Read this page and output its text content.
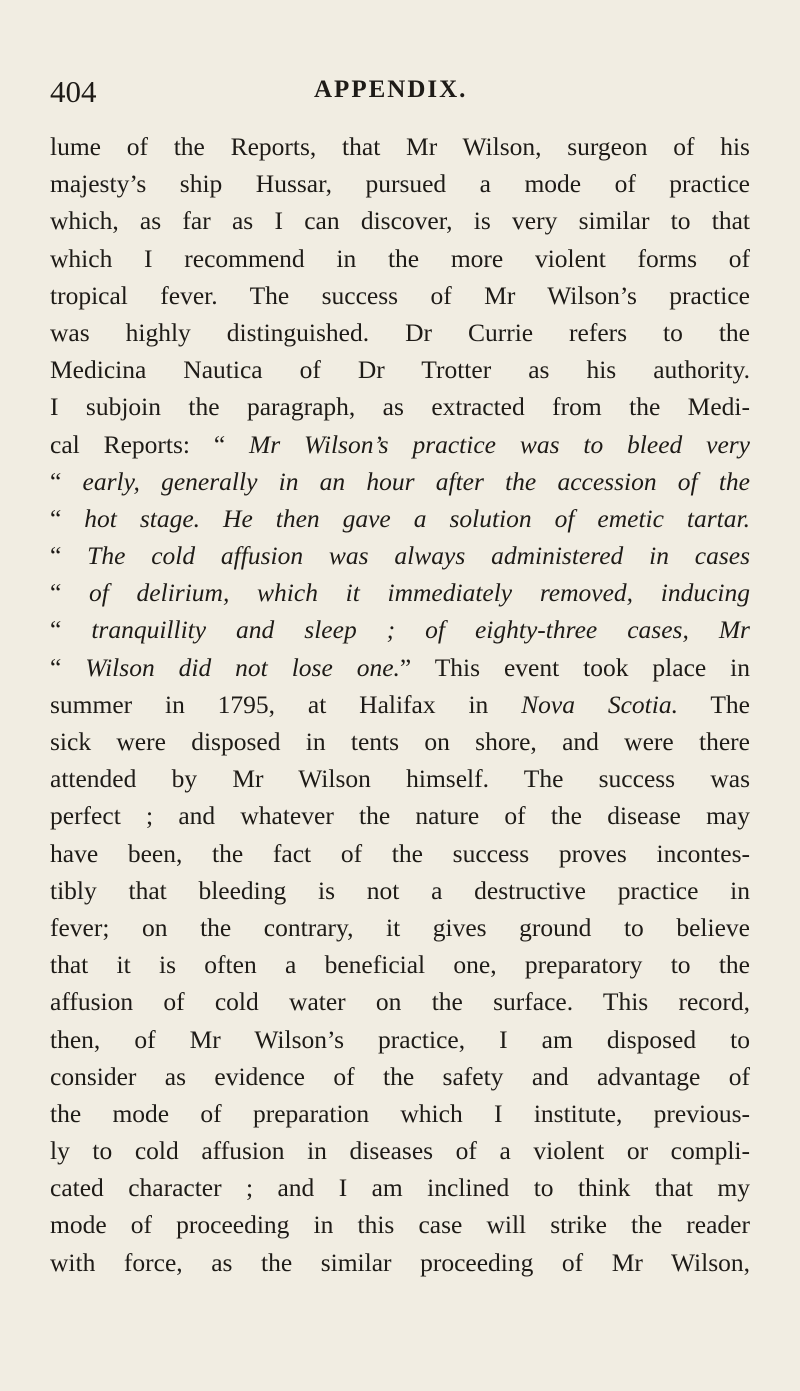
404	APPENDIX.
lume of the Reports, that Mr Wilson, surgeon of his
majesty’s ship Hussar, pursued a mode of practice
which, as far as I can discover, is very similar to that
which I recommend in the more violent forms of
tropical fever. The success of Mr Wilson’s practice
was highly distinguished. Dr Currie refers to the
Medicina Nautica of Dr Trotter as his authority.
I subjoin the paragraph, as extracted from the Medi-
cal Reports: “ Mr Wilson’s practice was to bleed very
“ early, generally in an hour after the accession of the
“ hot stage. He then gave a solution of emetic tartar.
“ The cold affusion was always administered in cases
“ of delirium, which it immediately removed, inducing
“ tranquillity and sleep ; of eighty-three cases, Mr
“ Wilson did not lose one.” This event took place in
summer in 1795, at Halifax in Nova Scotia. The
sick were disposed in tents on shore, and were there
attended by Mr Wilson himself. The success was
perfect ; and whatever the nature of the disease may
have been, the fact of the success proves incontes-
tibly that bleeding is not a destructive practice in
fever; on the contrary, it gives ground to believe
that it is often a beneficial one, preparatory to the
affusion of cold water on the surface. This record,
then, of Mr Wilson’s practice, I am disposed to
consider as evidence of the safety and advantage of
the mode of preparation which I institute, previous-
ly to cold affusion in diseases of a violent or compli-
cated character ; and I am inclined to think that my
mode of proceeding in this case will strike the reader
with force, as the similar proceeding of Mr Wilson,
